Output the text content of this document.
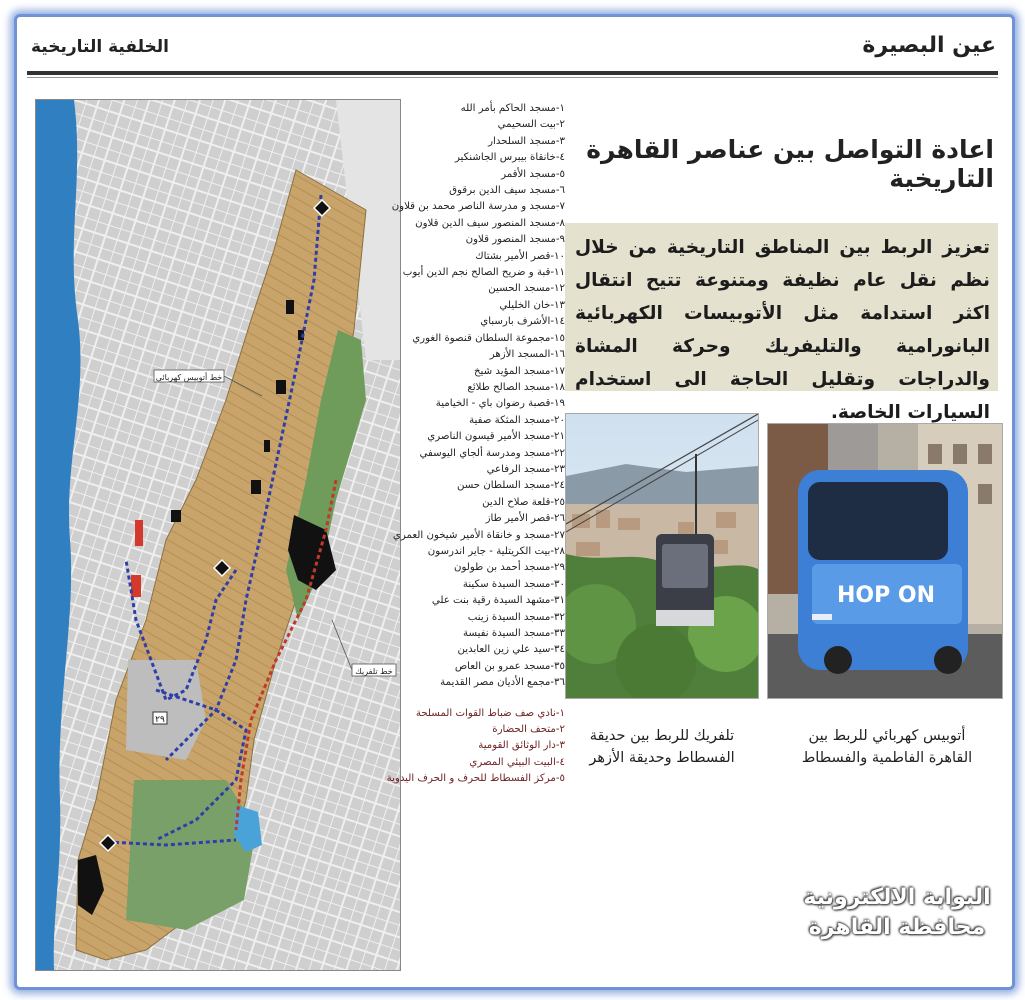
الخلفية التاريخية	عين البصيرة
٢٩
خط أتوبيس كهربائي
خط تلفريك
١-مسجد الحاكم بأمر الله
٢-بيت السحيمي
٣-مسجد السلحدار
٤-خانقاة بيبرس الجاشنكير
٥-مسجد الأقمر
٦-مسجد سيف الدين برقوق
٧-مسجد و مدرسة الناصر محمد بن قلاون
٨-مسجد المنصور سيف الدين قلاون
٩-مسجد المنصور قلاون
١٠-قصر الأمير بشتاك
١١-قبة و ضريح الصالح نجم الدين أيوب
١٢-مسجد الحسين
١٣-خان الخليلي
١٤-الأشرف بارسباي
١٥-مجموعة السلطان قنصوة الغوري
١٦-المسجد الأزهر
١٧-مسجد المؤيد شيخ
١٨-مسجد الصالح طلائع
١٩-قصبة رضوان باي - الخيامية
٢٠-مسجد المثكة صفية
٢١-مسجد الأمير قيسون الناصري
٢٢-مسجد ومدرسة ألجاي اليوسفي
٢٣-مسجد الرفاعي
٢٤-مسجد السلطان حسن
٢٥-قلعة صلاح الدين
٢٦-قصر الأمير طاز
٢٧-مسجد و خانقاة الأمير شيخون العمري
٢٨-بيت الكريتلية - جاير اندرسون
٢٩-مسجد أحمد بن طولون
٣٠-مسجد السيدة سكينة
٣١-مشهد السيدة رقية بنت علي
٣٢-مسجد السيدة زينب
٣٣-مسجد السيدة نفيسة
٣٤-سيد علي زين العابدين
٣٥-مسجد عمرو بن العاص
٣٦-مجمع الأديان مصر القديمة
١-نادي صف ضباط القوات المسلحة
٢-متحف الحضارة
٣-دار الوثائق القومية
٤-البيت البيئي المصري
٥-مركز الفسطاط للحرف و الحرف اليدوية
اعادة التواصل بين عناصر القاهرة التاريخية
تعزيز الربط بين المناطق التاريخية من خلال نظم نقل عام نظيفة ومتنوعة تتيح انتقال اكثر استدامة مثل الأتوبيسات الكهربائية البانورامية والتليفريك وحركة المشاة والدراجات وتقليل الحاجة الى استخدام السيارات الخاصة.
HOP ON
تلفريك للربط بين حديقة الفسطاط وحديقة الأزهر
أتوبيس كهربائي للربط بين القاهرة الفاطمية والفسطاط
البوابة الالكترونية
محافظة القاهرة
